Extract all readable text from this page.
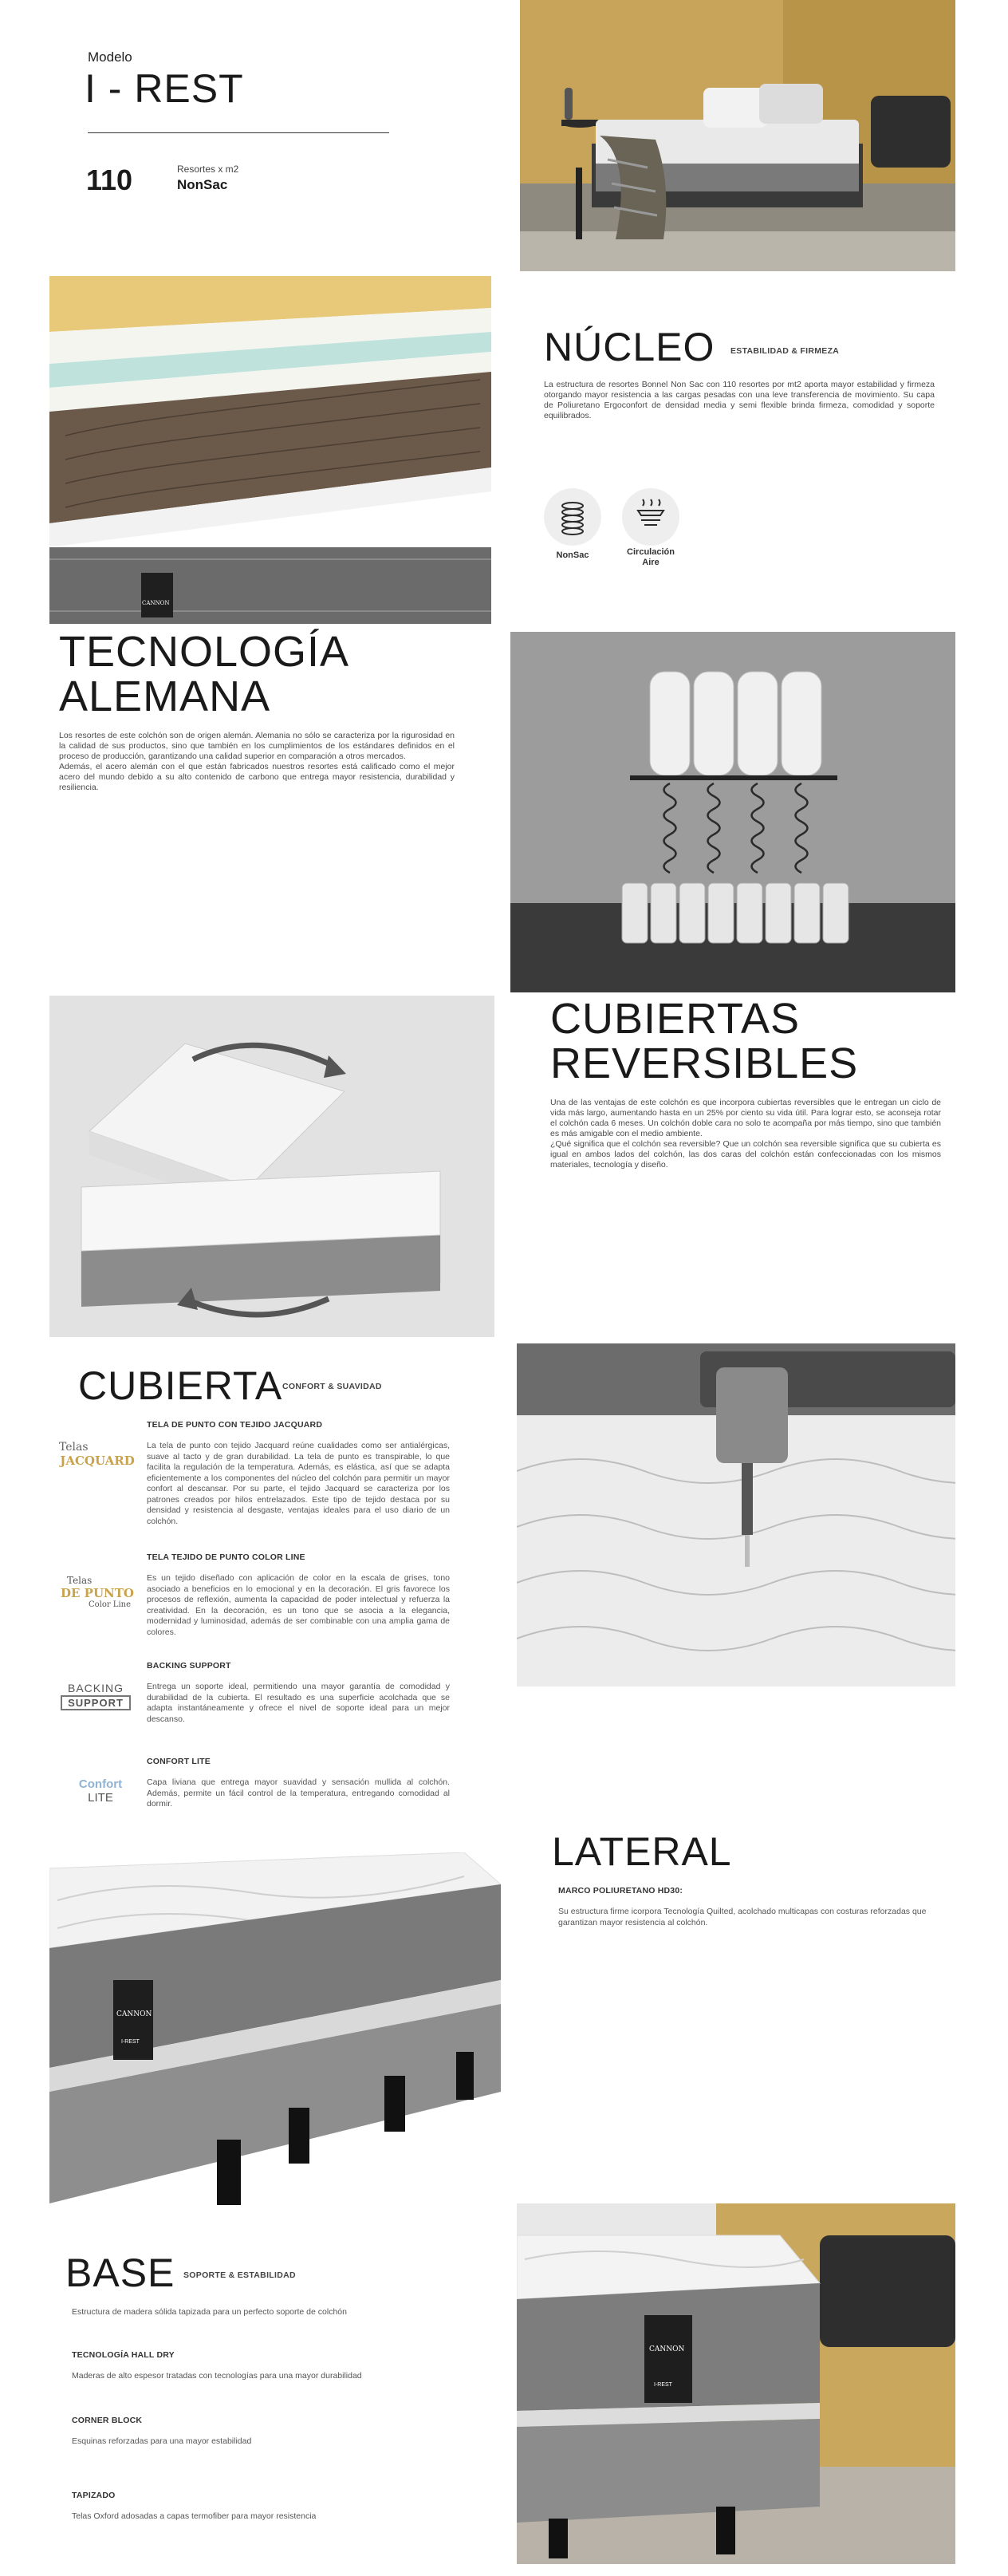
Modelo
I - REST
110	Resortes x m2
NonSac
CANNON
NÚCLEO ESTABILIDAD & FIRMEZA
La estructura de resortes Bonnel Non Sac con 110 resortes por mt2 aporta mayor estabilidad y firmeza otorgando mayor resistencia a las cargas pesadas con una leve transferencia de movimiento. Su capa de Poliuretano Ergoconfort de densidad media y semi flexible brinda firmeza, comodidad y soporte equilibrados.
NonSac	Circulación
Aire
TECNOLOGÍA
ALEMANA
Los resortes de este colchón son de origen alemán. Alemania no sólo se caracteriza por la rigurosidad en la calidad de sus productos, sino que también en los cumplimientos de los estándares definidos en el proceso de producción, garantizando una calidad superior en comparación a otros mercados.
Además, el acero alemán con el que están fabricados nuestros resortes está calificado como el mejor acero del mundo debido a su alto contenido de carbono que entrega mayor resistencia, durabilidad y resiliencia.
CUBIERTAS
REVERSIBLES
Una de las ventajas de este colchón es que incorpora cubiertas reversibles que le entregan un ciclo de vida más largo, aumentando hasta en un 25% por ciento su vida útil. Para lograr esto, se aconseja rotar el colchón cada 6 meses. Un colchón doble cara no solo te acompaña por más tiempo, sino que también es más amigable con el medio ambiente.
¿Qué significa que el colchón sea reversible? Que un colchón sea reversible significa que su cubierta es igual en ambos lados del colchón, las dos caras del colchón están confeccionadas con los mismos materiales, tecnología y diseño.
CUBIERTA CONFORT & SUAVIDAD
Telas
JACQUARD
TELA DE PUNTO CON TEJIDO JACQUARD
La tela de punto con tejido Jacquard reúne cualidades como ser antialérgicas, suave al tacto y de gran durabilidad. La tela de punto es transpirable, lo que facilita la regulación de la temperatura. Además, es elástica, así que se adapta eficientemente a los componentes del núcleo del colchón para permitir un mayor confort al descansar. Por su parte, el tejido Jacquard se caracteriza por los patrones creados por hilos entrelazados. Este tipo de tejido destaca por su densidad y resistencia al desgaste, ventajas ideales para el uso diario de un colchón.
Telas
DE PUNTO
Color Line
TELA TEJIDO DE PUNTO COLOR LINE
Es un tejido diseñado con aplicación de color en la escala de grises, tono asociado a beneficios en lo emocional y en la decoración. El gris favorece los procesos de reflexión, aumenta la capacidad de poder intelectual y refuerza la creatividad. En la decoración, es un tono que se asocia a la elegancia, modernidad y luminosidad, además de ser combinable con una amplia gama de colores.
BACKING
SUPPORT
BACKING SUPPORT
Entrega un soporte ideal, permitiendo una mayor garantía de comodidad y durabilidad de la cubierta. El resultado es una superficie acolchada que se adapta instantáneamente y ofrece el nivel de soporte ideal para un mejor descanso.
Confort
LITE
CONFORT LITE
Capa liviana que entrega mayor suavidad y sensación mullida al colchón. Además, permite un fácil control de la temperatura, entregando comodidad al dormir.
CANNON
I-REST
LATERAL
MARCO POLIURETANO HD30:
Su estructura firme icorpora Tecnología Quilted, acolchado multicapas con costuras reforzadas que garantizan mayor resistencia al colchón.
BASE SOPORTE & ESTABILIDAD
Estructura de madera sólida tapizada para un perfecto soporte de colchón
TECNOLOGÍA HALL DRY
Maderas de alto espesor tratadas con tecnologías para una mayor durabilidad
CORNER BLOCK
Esquinas reforzadas para una mayor estabilidad
TAPIZADO
Telas Oxford adosadas a capas termofiber para mayor resistencia
CANNON
I-REST
